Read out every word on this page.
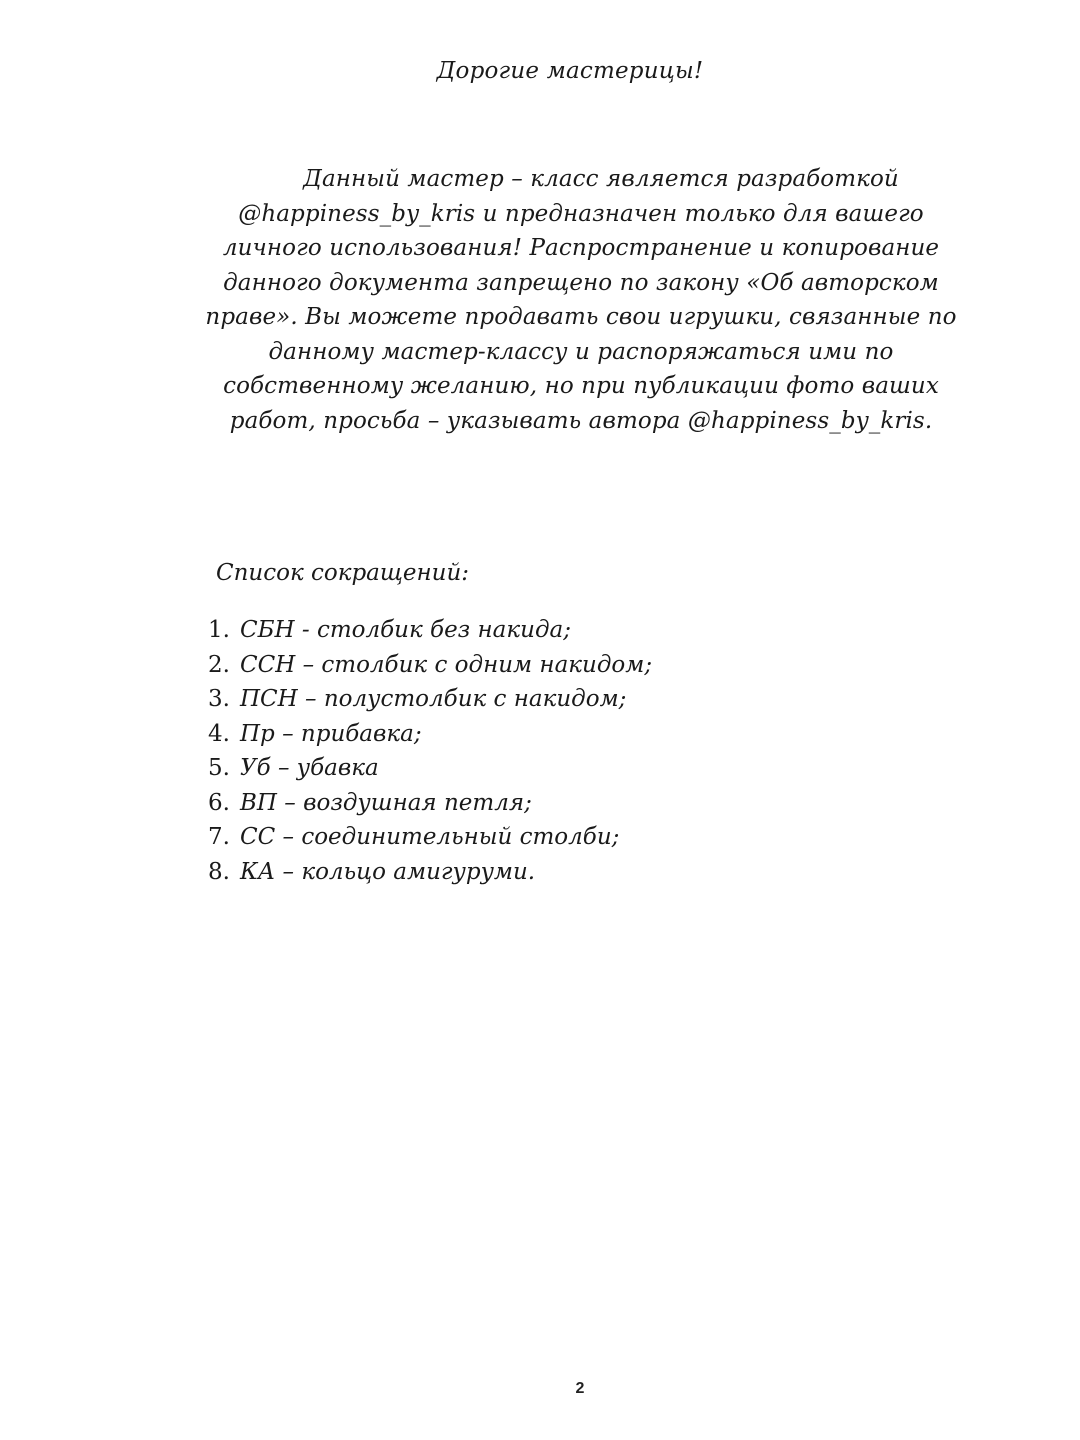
Дорогие мастерицы!

Данный мастер – класс является разработкой
@happiness_by_kris и предназначен только для вашего
личного использования! Распространение и копирование
данного документа запрещено по закону «Об авторском
праве». Вы можете продавать свои игрушки, связанные по
данному мастер-классу и распоряжаться ими по
собственному желанию, но при публикации фото ваших
работ, просьба – указывать автора @happiness_by_kris.

Список сокращений:

1. СБН - столбик без накида;
2. ССН – столбик с одним накидом;
3. ПСН – полустолбик с накидом;
4. Пр – прибавка;
5. Уб – убавка
6. ВП – воздушная петля;
7. СС – соединительный столби;
8. КА – кольцо амигуруми.
2
